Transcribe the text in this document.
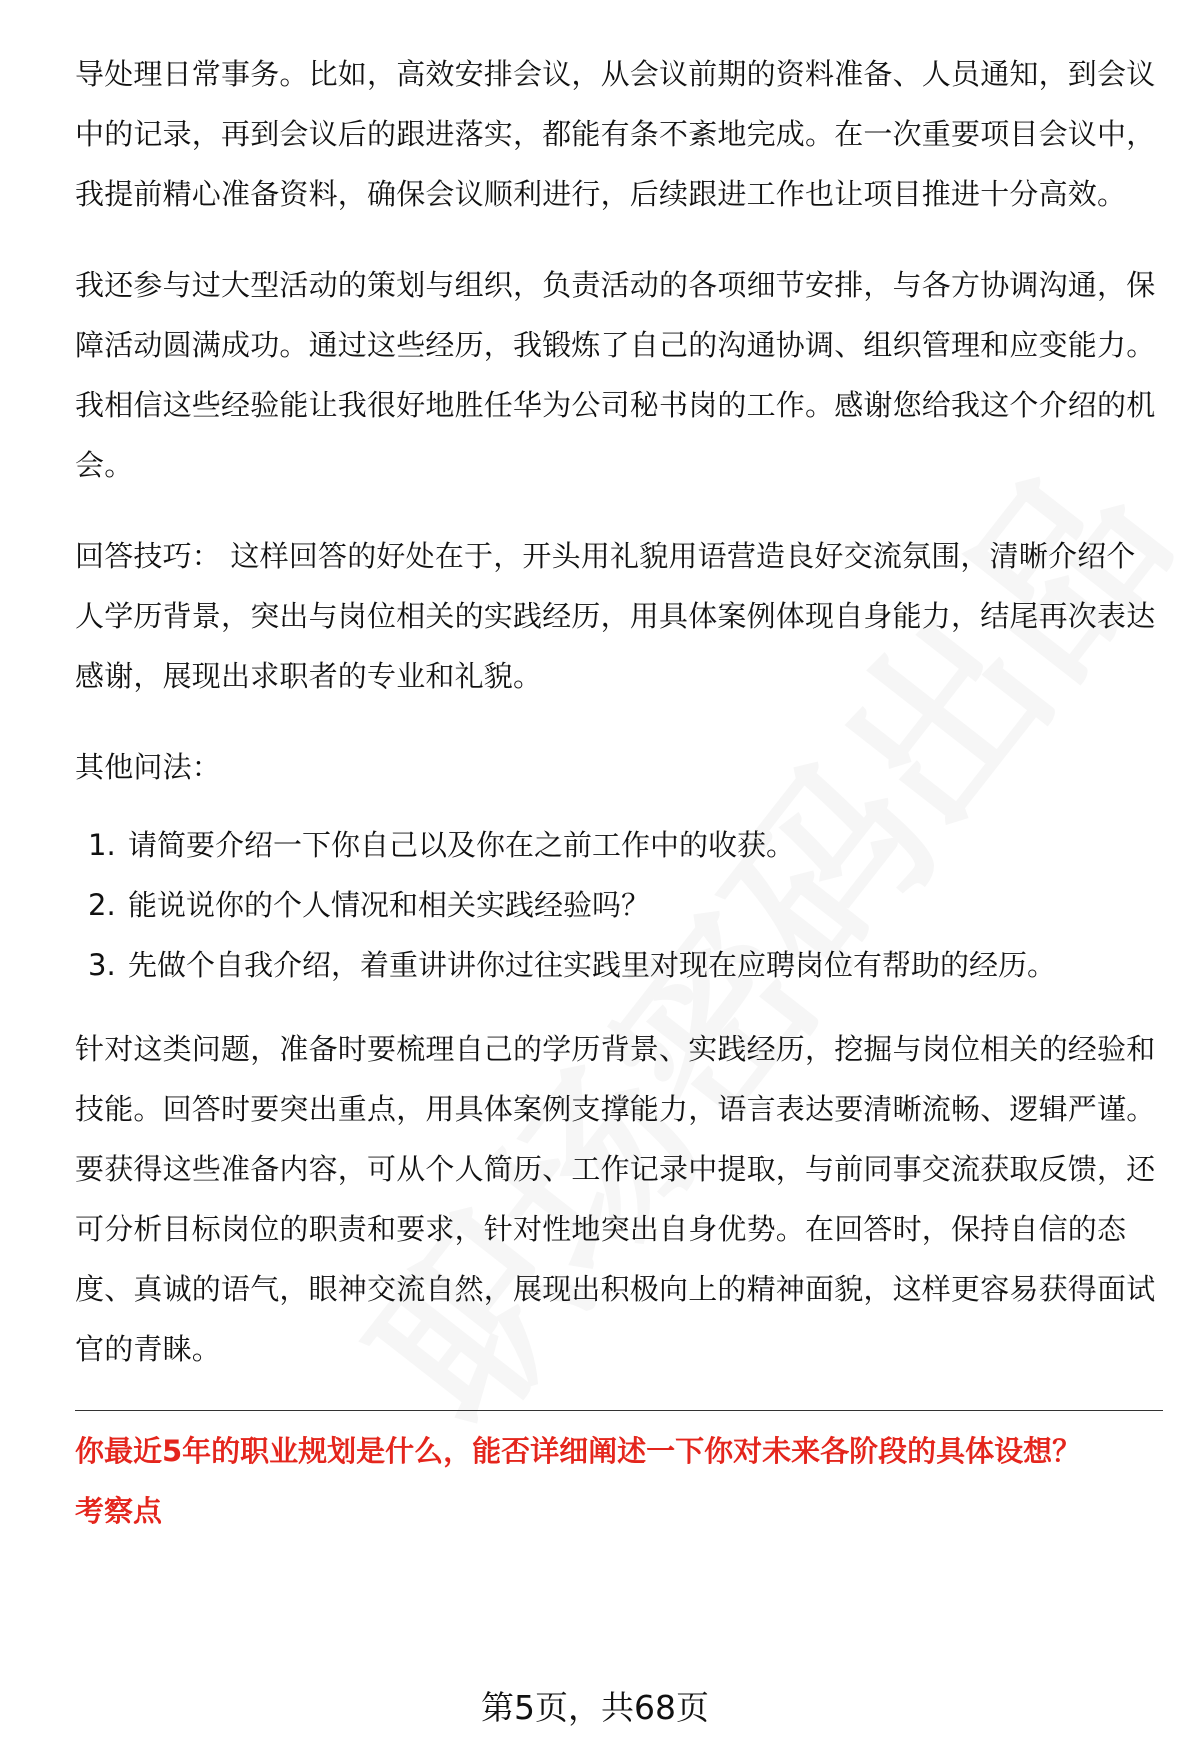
导处理日常事务。比如，高效安排会议，从会议前期的资料准备、人员通知，到会议中的记录，再到会议后的跟进落实，都能有条不紊地完成。在一次重要项目会议中，我提前精心准备资料，确保会议顺利进行，后续跟进工作也让项目推进十分高效。

我还参与过大型活动的策划与组织，负责活动的各项细节安排，与各方协调沟通，保障活动圆满成功。通过这些经历，我锻炼了自己的沟通协调、组织管理和应变能力。我相信这些经验能让我很好地胜任华为公司秘书岗的工作。感谢您给我这个介绍的机会。

回答技巧： 这样回答的好处在于，开头用礼貌用语营造良好交流氛围，清晰介绍个人学历背景，突出与岗位相关的实践经历，用具体案例体现自身能力，结尾再次表达感谢，展现出求职者的专业和礼貌。

其他问法：

1. 请简要介绍一下你自己以及你在之前工作中的收获。
2. 能说说你的个人情况和相关实践经验吗？
3. 先做个自我介绍，着重讲讲你过往实践里对现在应聘岗位有帮助的经历。

针对这类问题，准备时要梳理自己的学历背景、实践经历，挖掘与岗位相关的经验和技能。回答时要突出重点，用具体案例支撑能力，语言表达要清晰流畅、逻辑严谨。要获得这些准备内容，可从个人简历、工作记录中提取，与前同事交流获取反馈，还可分析目标岗位的职责和要求，针对性地突出自身优势。在回答时，保持自信的态度、真诚的语气，眼神交流自然，展现出积极向上的精神面貌，这样更容易获得面试官的青睐。

你最近5年的职业规划是什么，能否详细阐述一下你对未来各阶段的具体设想？

考察点

第5页，共68页
